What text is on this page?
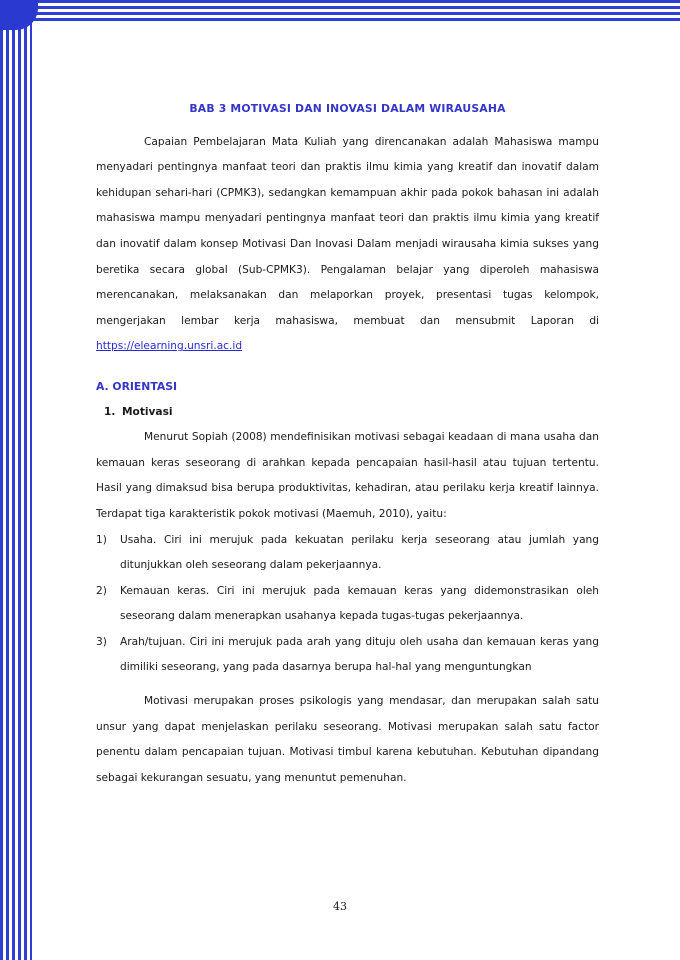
BAB 3 MOTIVASI DAN INOVASI DALAM WIRAUSAHA

Capaian Pembelajaran Mata Kuliah yang direncanakan adalah Mahasiswa mampu menyadari pentingnya manfaat teori dan praktis ilmu kimia yang kreatif dan inovatif dalam kehidupan sehari-hari (CPMK3), sedangkan kemampuan akhir pada pokok bahasan ini adalah mahasiswa mampu menyadari pentingnya manfaat teori dan praktis ilmu kimia yang kreatif dan inovatif dalam konsep Motivasi Dan Inovasi Dalam menjadi wirausaha kimia sukses yang beretika secara global (Sub-CPMK3). Pengalaman belajar yang diperoleh mahasiswa merencanakan, melaksanakan dan melaporkan proyek, presentasi tugas kelompok, mengerjakan lembar kerja mahasiswa, membuat dan mensubmit Laporan di https://elearning.unsri.ac.id

A. ORIENTASI
1. Motivasi

Menurut Sopiah (2008) mendefinisikan motivasi sebagai keadaan di mana usaha dan kemauan keras seseorang di arahkan kepada pencapaian hasil-hasil atau tujuan tertentu. Hasil yang dimaksud bisa berupa produktivitas, kehadiran, atau perilaku kerja kreatif lainnya. Terdapat tiga karakteristik pokok motivasi (Maemuh, 2010), yaitu:

1)	Usaha. Ciri ini merujuk pada kekuatan perilaku kerja seseorang atau jumlah yang ditunjukkan oleh seseorang dalam pekerjaannya.
2)	Kemauan keras. Ciri ini merujuk pada kemauan keras yang didemonstrasikan oleh seseorang dalam menerapkan usahanya kepada tugas-tugas pekerjaannya.
3)	Arah/tujuan. Ciri ini merujuk pada arah yang dituju oleh usaha dan kemauan keras yang dimiliki seseorang, yang pada dasarnya berupa hal-hal yang menguntungkan

Motivasi merupakan proses psikologis yang mendasar, dan merupakan salah satu unsur yang dapat menjelaskan perilaku seseorang. Motivasi merupakan salah satu factor penentu dalam pencapaian tujuan. Motivasi timbul karena kebutuhan. Kebutuhan dipandang sebagai kekurangan sesuatu, yang menuntut pemenuhan.

43
